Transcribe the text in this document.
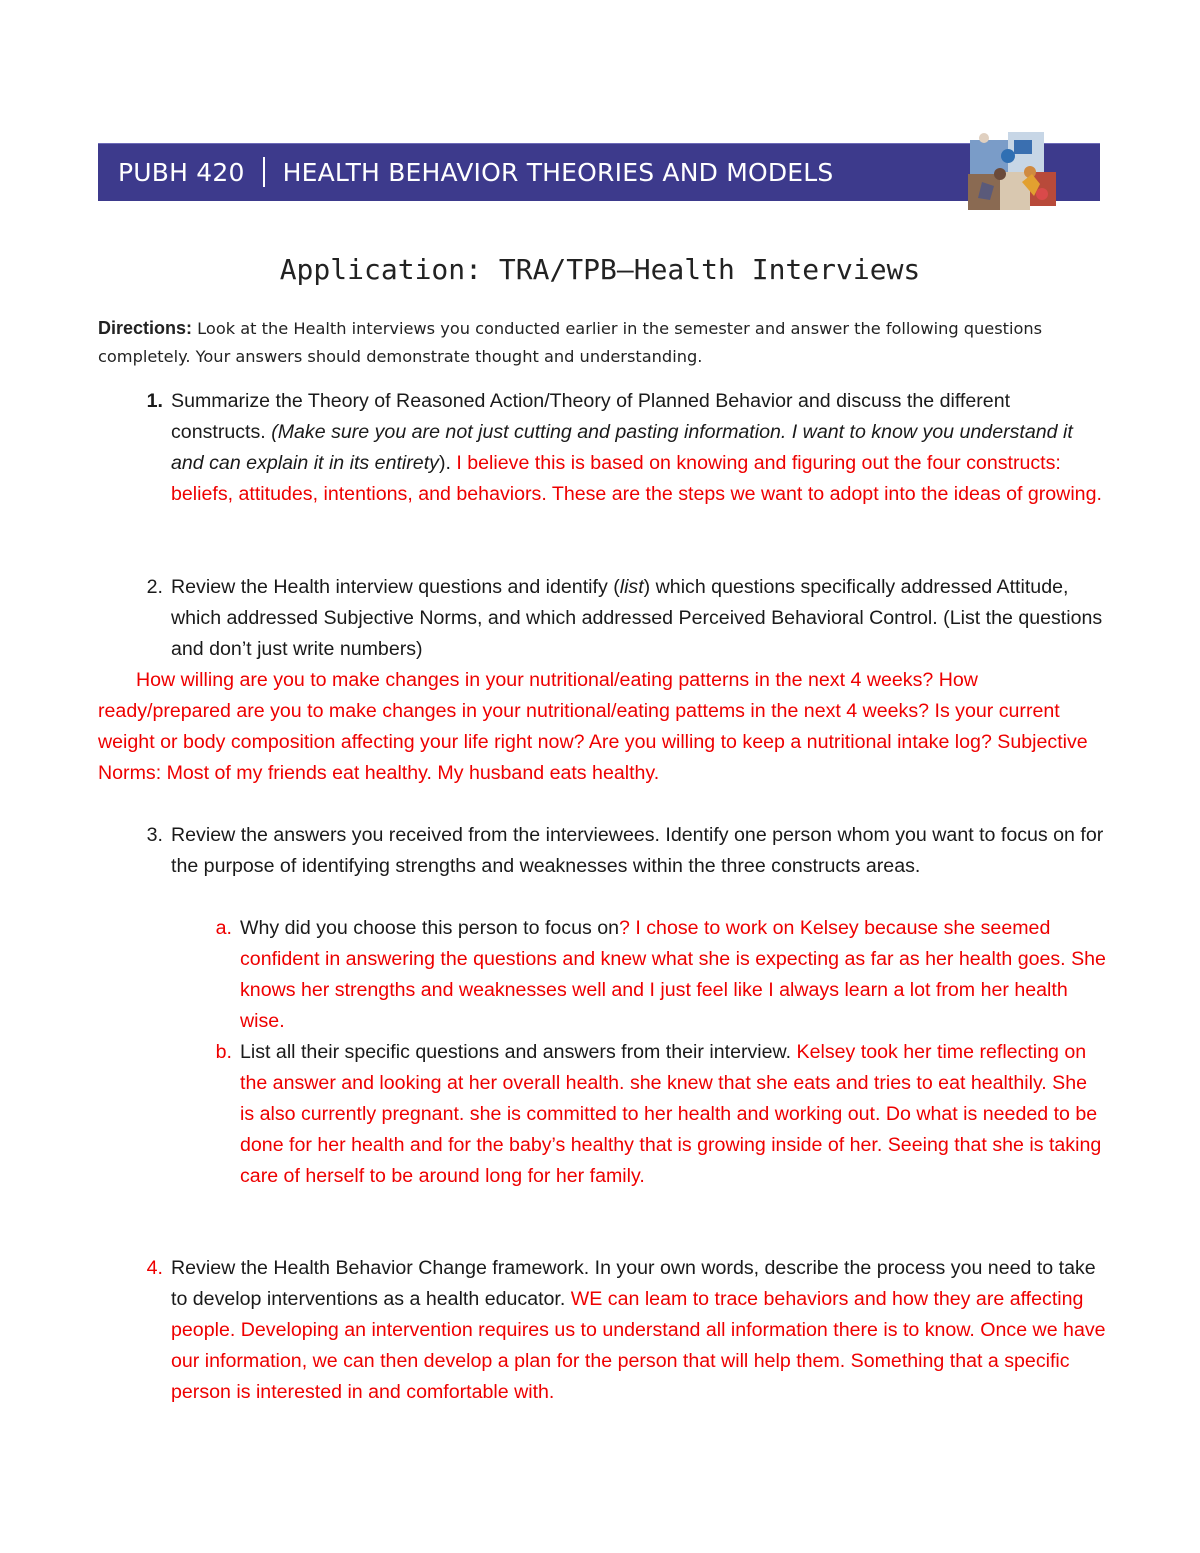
PUBH 420 HEALTH BEHAVIOR THEORIES AND MODELS
Application: TRA/TPB—Health Interviews
Directions: Look at the Health interviews you conducted earlier in the semester and answer the following questions completely. Your answers should demonstrate thought and understanding.
1. Summarize the Theory of Reasoned Action/Theory of Planned Behavior and discuss the different constructs. (Make sure you are not just cutting and pasting information. I want to know you understand it and can explain it in its entirety). I believe this is based on knowing and figuring out the four constructs: beliefs, attitudes, intentions, and behaviors. These are the steps we want to adopt into the ideas of growing.
2. Review the Health interview questions and identify (list) which questions specifically addressed Attitude, which addressed Subjective Norms, and which addressed Perceived Behavioral Control. (List the questions and don’t just write numbers)
How willing are you to make changes in your nutritional/eating patterns in the next 4 weeks? How ready/prepared are you to make changes in your nutritional/eating pattems in the next 4 weeks? Is your current weight or body composition affecting your life right now? Are you willing to keep a nutritional intake log? Subjective Norms: Most of my friends eat healthy. My husband eats healthy.
3. Review the answers you received from the interviewees. Identify one person whom you want to focus on for the purpose of identifying strengths and weaknesses within the three constructs areas.
a. Why did you choose this person to focus on? I chose to work on Kelsey because she seemed confident in answering the questions and knew what she is expecting as far as her health goes. She knows her strengths and weaknesses well and I just feel like I always learn a lot from her health wise.
b. List all their specific questions and answers from their interview. Kelsey took her time reflecting on the answer and looking at her overall health. she knew that she eats and tries to eat healthily. She is also currently pregnant. she is committed to her health and working out. Do what is needed to be done for her health and for the baby’s healthy that is growing inside of her. Seeing that she is taking care of herself to be around long for her family.
4. Review the Health Behavior Change framework. In your own words, describe the process you need to take to develop interventions as a health educator. WE can leam to trace behaviors and how they are affecting people. Developing an intervention requires us to understand all information there is to know. Once we have our information, we can then develop a plan for the person that will help them. Something that a specific person is interested in and comfortable with.
